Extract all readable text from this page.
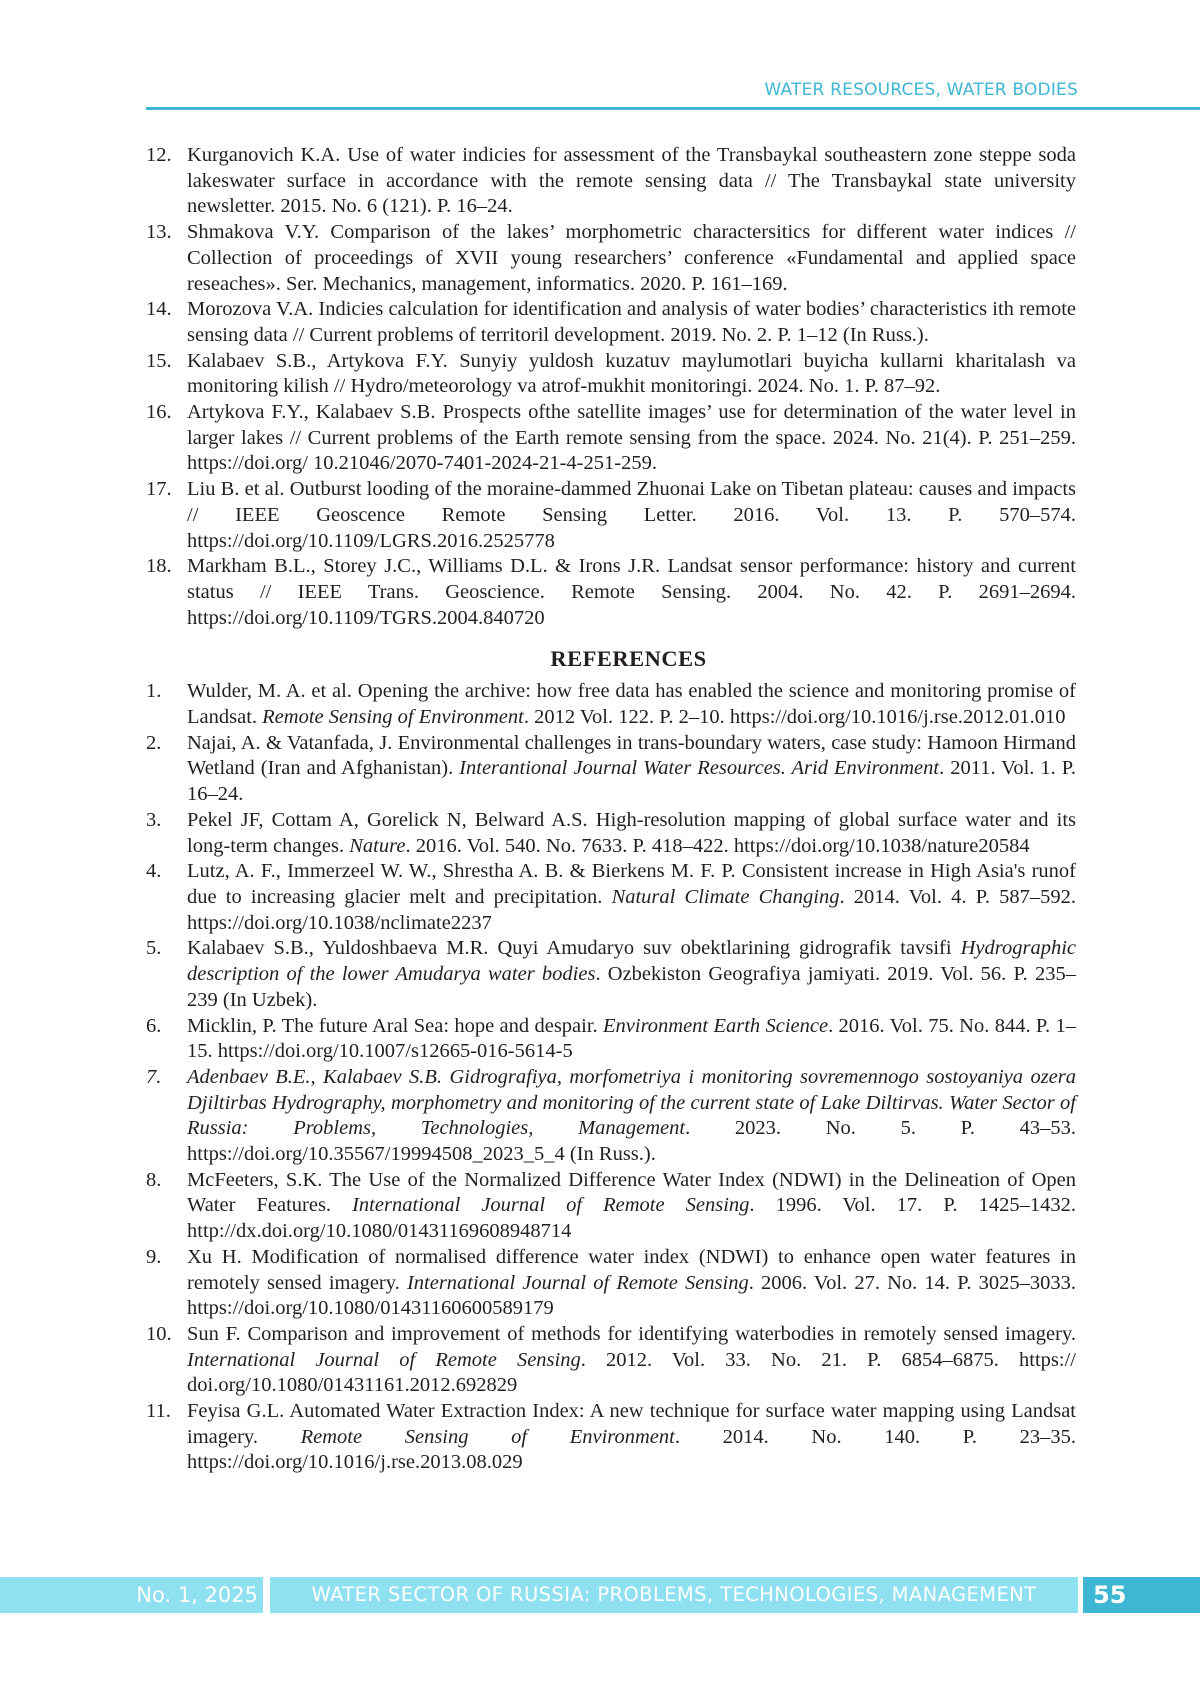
WATER RESOURCES, WATER BODIES
12. Kurganovich K.A. Use of water indicies for assessment of the Transbaykal southeastern zone steppe soda lakeswater surface in accordance with the remote sensing data // The Transbaykal state university newsletter. 2015. No. 6 (121). P. 16–24.
13. Shmakova V.Y. Comparison of the lakes’ morphometric charactersitics for different water indices // Collection of proceedings of XVII young researchers’ conference «Fundamental and applied space reseaches». Ser. Mechanics, management, informatics. 2020. P. 161–169.
14. Morozova V.A. Indicies calculation for identification and analysis of water bodies’ characteristics ith remote sensing data // Current problems of territoril development. 2019. No. 2. P. 1–12 (In Russ.).
15. Kalabaev S.B., Artykova F.Y. Sunyiy yuldosh kuzatuv maylumotlari buyicha kullarni kharitalash va monitoring kilish // Hydro/meteorology va atrof-mukhit monitoringi. 2024. No. 1. P. 87–92.
16. Artykova F.Y., Kalabaev S.B. Prospects ofthe satellite images’ use for determination of the water level in larger lakes // Current problems of the Earth remote sensing from the space. 2024. No. 21(4). P. 251–259. https://doi.org/ 10.21046/2070-7401-2024-21-4-251-259.
17. Liu B. et al. Outburst looding of the moraine-dammed Zhuonai Lake on Tibetan plateau: causes and impacts // IEEE Geoscence Remote Sensing Letter. 2016. Vol. 13. P. 570–574. https://doi.org/10.1109/LGRS.2016.2525778
18. Markham B.L., Storey J.C., Williams D.L. & Irons J.R. Landsat sensor performance: history and current status // IEEE Trans. Geoscience. Remote Sensing. 2004. No. 42. P. 2691–2694. https://doi.org/10.1109/TGRS.2004.840720
REFERENCES
1.	Wulder, M. A. et al. Opening the archive: how free data has enabled the science and monitoring promise of Landsat. Remote Sensing of Environment. 2012 Vol. 122. P. 2–10. https://doi.org/10.1016/j.rse.2012.01.010
2.	Najai, A. & Vatanfada, J. Environmental challenges in trans-boundary waters, case study: Hamoon Hirmand Wetland (Iran and Afghanistan). Interantional Journal Water Resources. Arid Environment. 2011. Vol. 1. P. 16–24.
3.	Pekel JF, Cottam A, Gorelick N, Belward A.S. High-resolution mapping of global surface water and its long-term changes. Nature. 2016. Vol. 540. No. 7633. P. 418–422. https://doi.org/10.1038/nature20584
4.	Lutz, A. F., Immerzeel W. W., Shrestha A. B. & Bierkens M. F. P. Consistent increase in High Asia's runof due to increasing glacier melt and precipitation. Natural Climate Changing. 2014. Vol. 4. P. 587–592. https://doi.org/10.1038/nclimate2237
5.	Kalabaev S.B., Yuldoshbaeva M.R. Quyi Amudaryo suv obektlarining gidrografik tavsifi Hydrographic description of the lower Amudarya water bodies. Ozbekiston Geografiya jamiyati. 2019. Vol. 56. P. 235–239 (In Uzbek).
6.	Micklin, P. The future Aral Sea: hope and despair. Environment Earth Science. 2016. Vol. 75. No. 844. P. 1–15. https://doi.org/10.1007/s12665-016-5614-5
7.	Adenbaev B.E., Kalabaev S.B. Gidrografiya, morfometriya i monitoring sovremennogo sostoyaniya ozera Djiltirbas Hydrography, morphometry and monitoring of the current state of Lake Diltirvas. Water Sector of Russia: Problems, Technologies, Management. 2023. No. 5. P. 43–53. https://doi.org/10.35567/19994508_2023_5_4 (In Russ.).
8.	McFeeters, S.K. The Use of the Normalized Difference Water Index (NDWI) in the Delineation of Open Water Features. International Journal of Remote Sensing. 1996. Vol. 17. P. 1425–1432. http://dx.doi.org/10.1080/01431169608948714
9.	Xu H. Modification of normalised difference water index (NDWI) to enhance open water features in remotely sensed imagery. International Journal of Remote Sensing. 2006. Vol. 27. No. 14. P. 3025–3033. https://doi.org/10.1080/01431160600589179
10. Sun F. Comparison and improvement of methods for identifying waterbodies in remotely sensed imagery. International Journal of Remote Sensing. 2012. Vol. 33. No. 21. P. 6854–6875. https:// doi.org/10.1080/01431161.2012.692829
11. Feyisa G.L. Automated Water Extraction Index: A new technique for surface water mapping using Landsat imagery. Remote Sensing of Environment. 2014. No. 140. P. 23–35. https://doi.org/10.1016/j.rse.2013.08.029
No. 1, 2025	WATER SECTOR OF RUSSIA: PROBLEMS, TECHNOLOGIES, MANAGEMENT	55
